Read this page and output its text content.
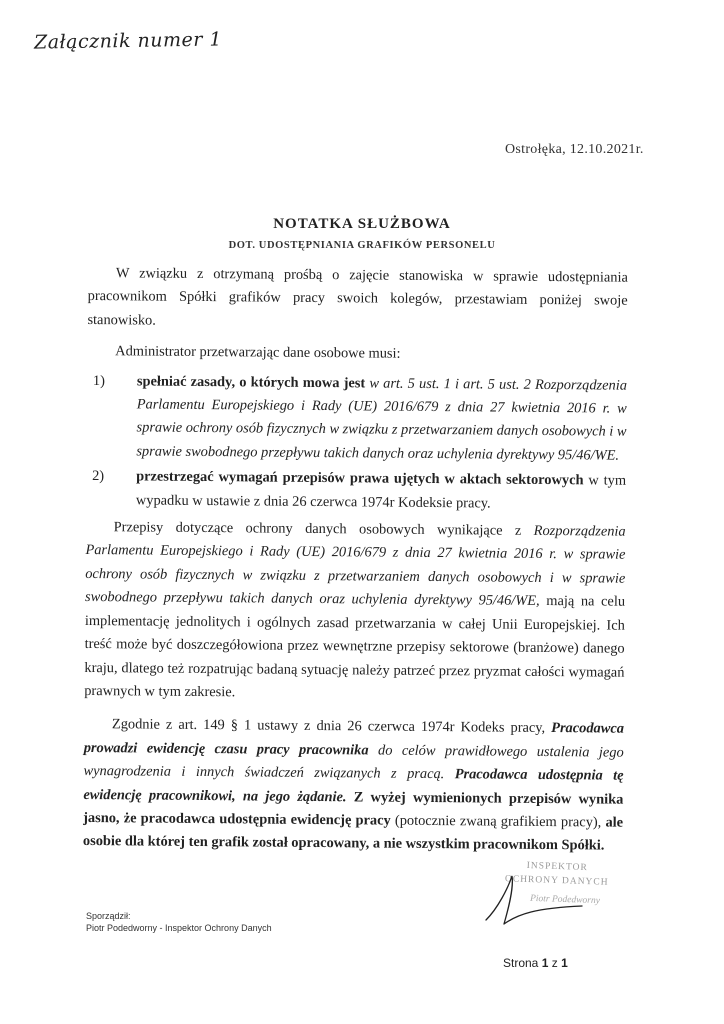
Załącznik numer 1
Ostrołęka, 12.10.2021r.
NOTATKA SŁUŻBOWA
DOT. UDOSTĘPNIANIA GRAFIKÓW PERSONELU

W związku z otrzymaną prośbą o zajęcie stanowiska w sprawie udostępniania pracownikom Spółki grafików pracy swoich kolegów, przestawiam poniżej swoje stanowisko.

Administrator przetwarzając dane osobowe musi:

1)	spełniać zasady, o których mowa jest w art. 5 ust. 1 i art. 5 ust. 2 Rozporządzenia Parlamentu Europejskiego i Rady (UE) 2016/679 z dnia 27 kwietnia 2016 r. w sprawie ochrony osób fizycznych w związku z przetwarzaniem danych osobowych i w sprawie swobodnego przepływu takich danych oraz uchylenia dyrektywy 95/46/WE.
2)	przestrzegać wymagań przepisów prawa ujętych w aktach sektorowych w tym wypadku w ustawie z dnia 26 czerwca 1974r Kodeksie pracy.

Przepisy dotyczące ochrony danych osobowych wynikające z Rozporządzenia Parlamentu Europejskiego i Rady (UE) 2016/679 z dnia 27 kwietnia 2016 r. w sprawie ochrony osób fizycznych w związku z przetwarzaniem danych osobowych i w sprawie swobodnego przepływu takich danych oraz uchylenia dyrektywy 95/46/WE, mają na celu implementację jednolitych i ogólnych zasad przetwarzania w całej Unii Europejskiej. Ich treść może być doszczegółowiona przez wewnętrzne przepisy sektorowe (branżowe) danego kraju, dlatego też rozpatrując badaną sytuację należy patrzeć przez pryzmat całości wymagań prawnych w tym zakresie.

Zgodnie z art. 149 § 1 ustawy z dnia 26 czerwca 1974r Kodeks pracy, Pracodawca prowadzi ewidencję czasu pracy pracownika do celów prawidłowego ustalenia jego wynagrodzenia i innych świadczeń związanych z pracą. Pracodawca udostępnia tę ewidencję pracownikowi, na jego żądanie. Z wyżej wymienionych przepisów wynika jasno, że pracodawca udostępnia ewidencję pracy (potocznie zwaną grafikiem pracy), ale osobie dla której ten grafik został opracowany, a nie wszystkim pracownikom Spółki.

INSPEKTOR
OCHRONY DANYCH
Piotr Podedworny
Sporządził:
Piotr Podedworny - Inspektor Ochrony Danych
Strona 1 z 1
